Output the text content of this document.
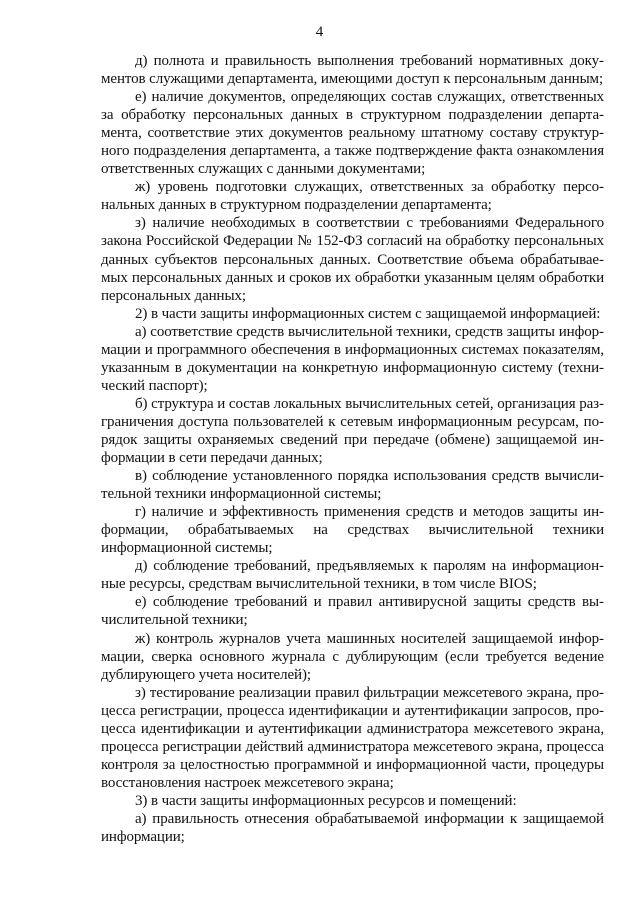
4

д) полнота и правильность выполнения требований нормативных документов служащими департамента, имеющими доступ к персональным данным;

е) наличие документов, определяющих состав служащих, ответственных за обработку персональных данных в структурном подразделении департамента, соответствие этих документов реальному штатному составу структурного подразделения департамента, а также подтверждение факта ознакомления ответственных служащих с данными документами;

ж) уровень подготовки служащих, ответственных за обработку персональных данных в структурном подразделении департамента;

з) наличие необходимых в соответствии с требованиями Федерального закона Российской Федерации № 152-ФЗ согласий на обработку персональных данных субъектов персональных данных. Соответствие объема обрабатываемых персональных данных и сроков их обработки указанным целям обработки персональных данных;

2) в части защиты информационных систем с защищаемой информацией:

а) соответствие средств вычислительной техники, средств защиты информации и программного обеспечения в информационных системах показателям, указанным в документации на конкретную информационную систему (технический паспорт);

б) структура и состав локальных вычислительных сетей, организация разграничения доступа пользователей к сетевым информационным ресурсам, порядок защиты охраняемых сведений при передаче (обмене) защищаемой информации в сети передачи данных;

в) соблюдение установленного порядка использования средств вычислительной техники информационной системы;

г) наличие и эффективность применения средств и методов защиты информации, обрабатываемых на средствах вычислительной техники информационной системы;

д) соблюдение требований, предъявляемых к паролям на информационные ресурсы, средствам вычислительной техники, в том числе BIOS;

е) соблюдение требований и правил антивирусной защиты средств вычислительной техники;

ж) контроль журналов учета машинных носителей защищаемой информации, сверка основного журнала с дублирующим (если требуется ведение дублирующего учета носителей);

з) тестирование реализации правил фильтрации межсетевого экрана, процесса регистрации, процесса идентификации и аутентификации запросов, процесса идентификации и аутентификации администратора межсетевого экрана, процесса регистрации действий администратора межсетевого экрана, процесса контроля за целостностью программной и информационной части, процедуры восстановления настроек межсетевого экрана;

3) в части защиты информационных ресурсов и помещений:

а) правильность отнесения обрабатываемой информации к защищаемой информации;
